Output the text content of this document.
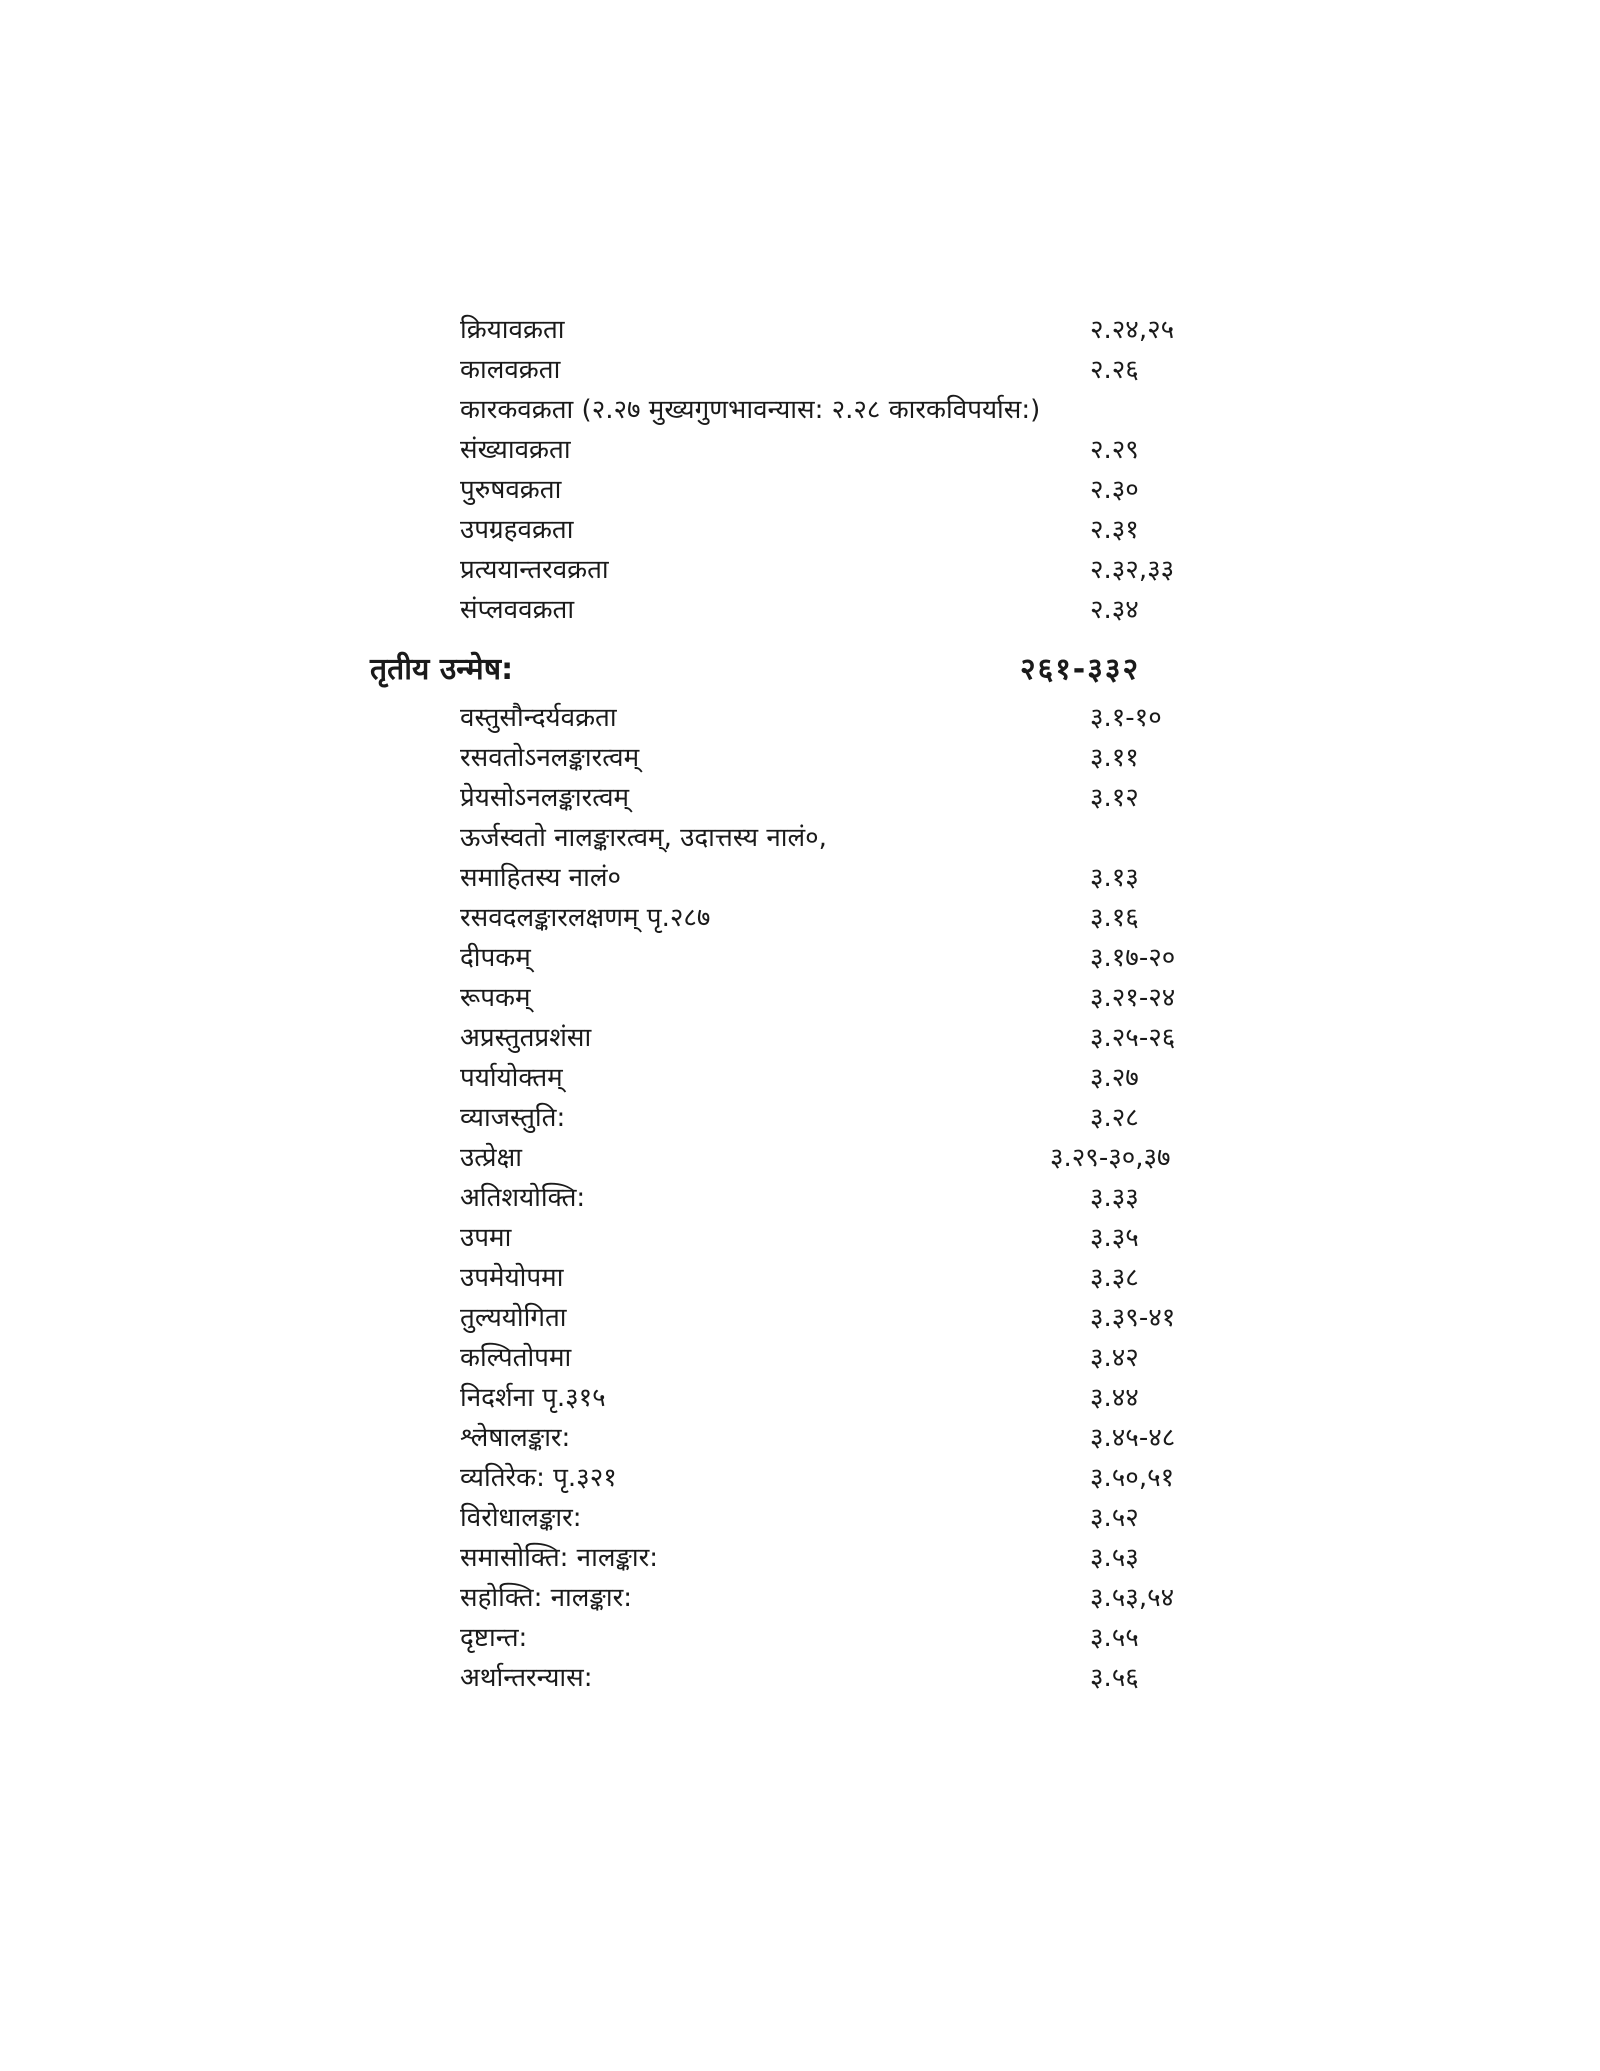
क्रियावक्रता	२.२४,२५
कालवक्रता	२.२६
कारकवक्रता (२.२७ मुख्यगुणभावन्यास: २.२८ कारकविपर्यास:)
संख्यावक्रता	२.२९
पुरुषवक्रता	२.३०
उपग्रहवक्रता	२.३१
प्रत्ययान्तरवक्रता	२.३२,३३
संप्लववक्रता	२.३४
तृतीय उन्मेष:	२६१-३३२
वस्तुसौन्दर्यवक्रता	३.१-१०
रसवतोऽनलङ्कारत्वम्	३.११
प्रेयसोऽनलङ्कारत्वम्	३.१२
ऊर्जस्वतो नालङ्कारत्वम्, उदात्तस्य नालं०,
समाहितस्य नालं०	३.१३
रसवदलङ्कारलक्षणम् पृ.२८७	३.१६
दीपकम्	३.१७-२०
रूपकम्	३.२१-२४
अप्रस्तुतप्रशंसा	३.२५-२६
पर्यायोक्तम्	३.२७
व्याजस्तुति:	३.२८
उत्प्रेक्षा	३.२९-३०,३७
अतिशयोक्ति:	३.३३
उपमा	३.३५
उपमेयोपमा	३.३८
तुल्ययोगिता	३.३९-४१
कल्पितोपमा	३.४२
निदर्शना पृ.३१५	३.४४
श्लेषालङ्कार:	३.४५-४८
व्यतिरेक: पृ.३२१	३.५०,५१
विरोधालङ्कार:	३.५२
समासोक्ति: नालङ्कार:	३.५३
सहोक्ति: नालङ्कार:	३.५३,५४
दृष्टान्त:	३.५५
अर्थान्तरन्यास:	३.५६
